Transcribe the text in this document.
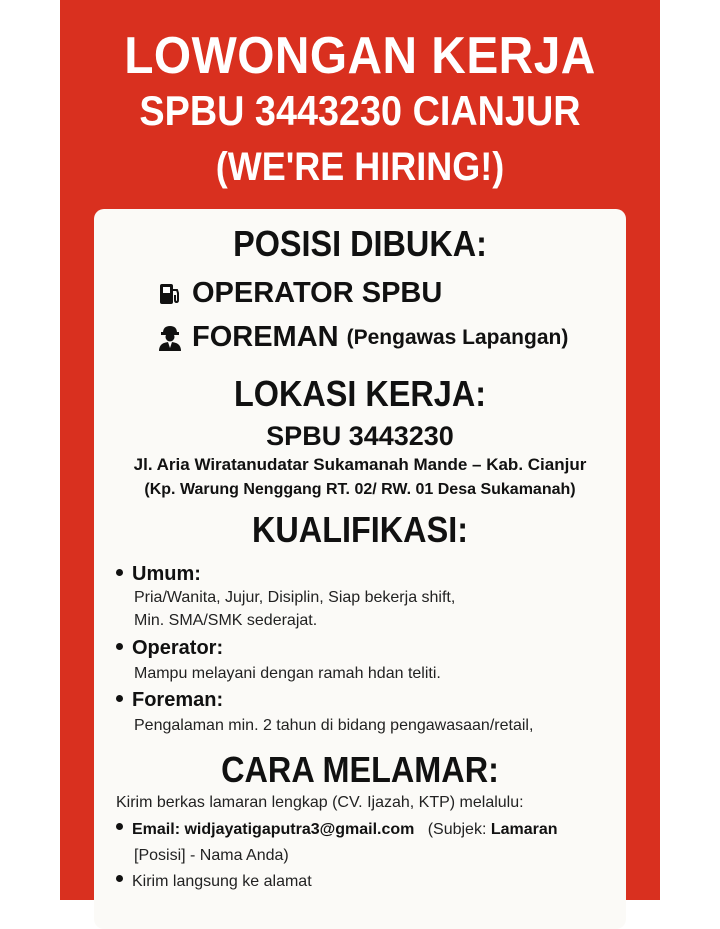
LOWONGAN KERJA
SPBU 3443230 CIANJUR
(WE'RE HIRING!)
POSISI DIBUKA:
OPERATOR SPBU
FOREMAN (Pengawas Lapangan)
LOKASI KERJA:
SPBU 3443230
Jl. Aria Wiratanudatar Sukamanah Mande – Kab. Cianjur
(Kp. Warung Nenggang RT. 02/ RW. 01 Desa Sukamanah)
KUALIFIKASI:
Umum:
Pria/Wanita, Jujur, Disiplin, Siap bekerja shift,
Min. SMA/SMK sederajat.
Operator:
Mampu melayani dengan ramah hdan teliti.
Foreman:
Pengalaman min. 2 tahun di bidang pengawasaan/retail,
CARA MELAMAR:
Kirim berkas lamaran lengkap (CV. Ijazah, KTP) melalulu:
Email: widjayatigaputra3@gmail.com (Subjek: Lamaran
[Posisi] - Nama Anda)
Kirim langsung ke alamat
